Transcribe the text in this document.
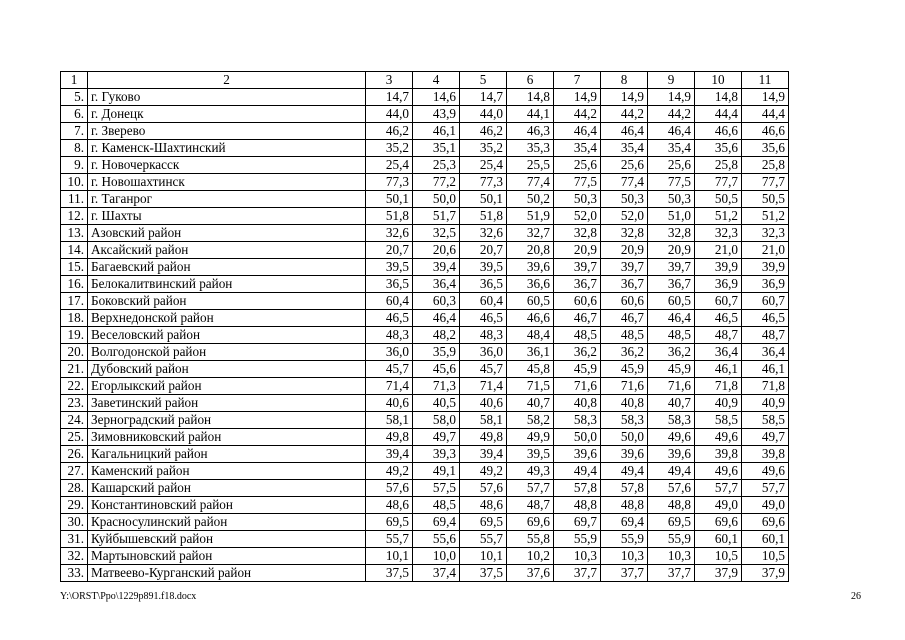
1	2	3	4	5	6	7	8	9	10	11
5.	г. Гуково	14,7	14,6	14,7	14,8	14,9	14,9	14,9	14,8	14,9
6.	г. Донецк	44,0	43,9	44,0	44,1	44,2	44,2	44,2	44,4	44,4
7.	г. Зверево	46,2	46,1	46,2	46,3	46,4	46,4	46,4	46,6	46,6
8.	г. Каменск-Шахтинский	35,2	35,1	35,2	35,3	35,4	35,4	35,4	35,6	35,6
9.	г. Новочеркасск	25,4	25,3	25,4	25,5	25,6	25,6	25,6	25,8	25,8
10.	г. Новошахтинск	77,3	77,2	77,3	77,4	77,5	77,4	77,5	77,7	77,7
11.	г. Таганрог	50,1	50,0	50,1	50,2	50,3	50,3	50,3	50,5	50,5
12.	г. Шахты	51,8	51,7	51,8	51,9	52,0	52,0	51,0	51,2	51,2
13.	Азовский район	32,6	32,5	32,6	32,7	32,8	32,8	32,8	32,3	32,3
14.	Аксайский район	20,7	20,6	20,7	20,8	20,9	20,9	20,9	21,0	21,0
15.	Багаевский район	39,5	39,4	39,5	39,6	39,7	39,7	39,7	39,9	39,9
16.	Белокалитвинский район	36,5	36,4	36,5	36,6	36,7	36,7	36,7	36,9	36,9
17.	Боковский район	60,4	60,3	60,4	60,5	60,6	60,6	60,5	60,7	60,7
18.	Верхнедонской район	46,5	46,4	46,5	46,6	46,7	46,7	46,4	46,5	46,5
19.	Веселовский район	48,3	48,2	48,3	48,4	48,5	48,5	48,5	48,7	48,7
20.	Волгодонской район	36,0	35,9	36,0	36,1	36,2	36,2	36,2	36,4	36,4
21.	Дубовский район	45,7	45,6	45,7	45,8	45,9	45,9	45,9	46,1	46,1
22.	Егорлыкский район	71,4	71,3	71,4	71,5	71,6	71,6	71,6	71,8	71,8
23.	Заветинский район	40,6	40,5	40,6	40,7	40,8	40,8	40,7	40,9	40,9
24.	Зерноградский район	58,1	58,0	58,1	58,2	58,3	58,3	58,3	58,5	58,5
25.	Зимовниковский район	49,8	49,7	49,8	49,9	50,0	50,0	49,6	49,6	49,7
26.	Кагальницкий район	39,4	39,3	39,4	39,5	39,6	39,6	39,6	39,8	39,8
27.	Каменский район	49,2	49,1	49,2	49,3	49,4	49,4	49,4	49,6	49,6
28.	Кашарский район	57,6	57,5	57,6	57,7	57,8	57,8	57,6	57,7	57,7
29.	Константиновский район	48,6	48,5	48,6	48,7	48,8	48,8	48,8	49,0	49,0
30.	Красносулинский район	69,5	69,4	69,5	69,6	69,7	69,4	69,5	69,6	69,6
31.	Куйбышевский район	55,7	55,6	55,7	55,8	55,9	55,9	55,9	60,1	60,1
32.	Мартыновский район	10,1	10,0	10,1	10,2	10,3	10,3	10,3	10,5	10,5
33.	Матвеево-Курганский район	37,5	37,4	37,5	37,6	37,7	37,7	37,7	37,9	37,9
Y:\ORST\Ppo\1229p891.f18.docx	26
